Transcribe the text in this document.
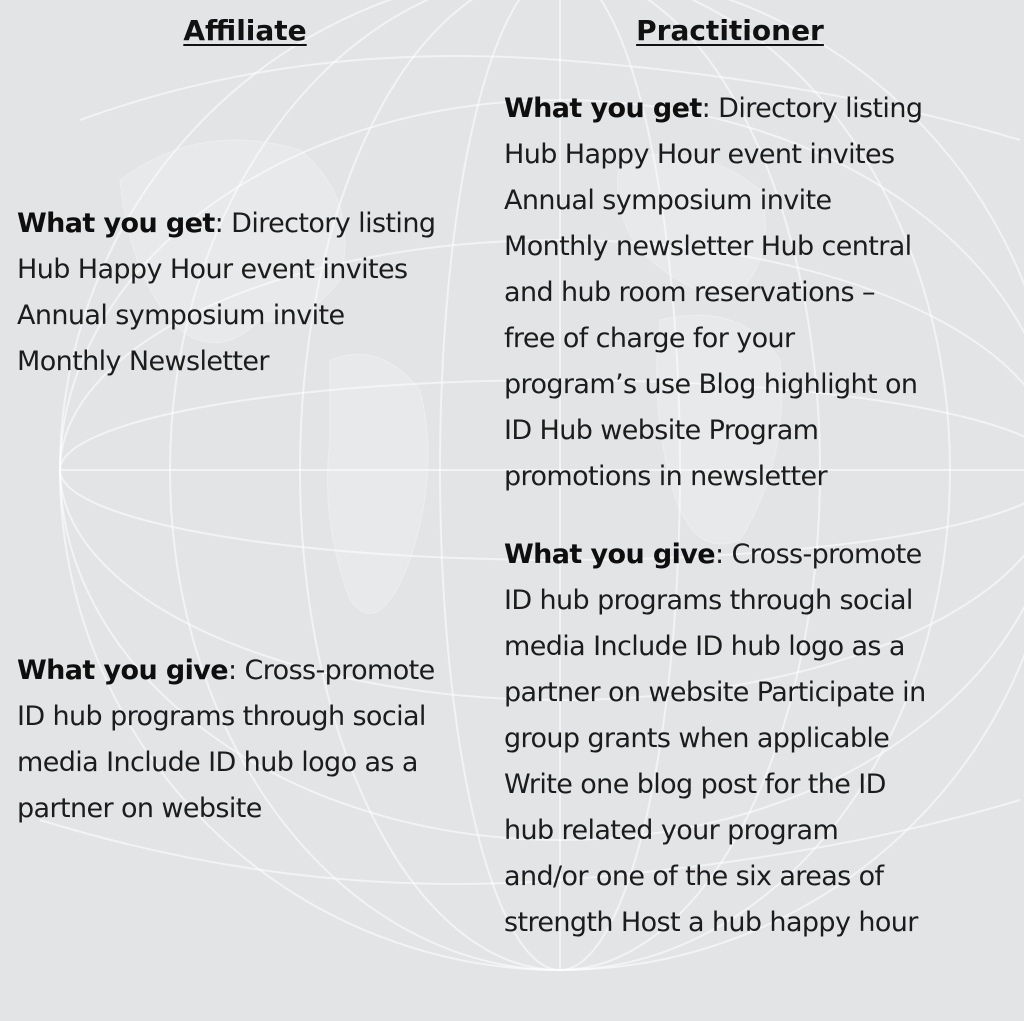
Affiliate	Practitioner
What you get: Directory listing
Hub Happy Hour event invites
Annual symposium invite
Monthly Newsletter
What you give: Cross-promote
ID hub programs through social
media Include ID hub logo as a
partner on website
What you get: Directory listing
Hub Happy Hour event invites
Annual symposium invite
Monthly newsletter Hub central
and hub room reservations –
free of charge for your
program’s use Blog highlight on
ID Hub website Program
promotions in newsletter
What you give: Cross-promote
ID hub programs through social
media Include ID hub logo as a
partner on website Participate in
group grants when applicable
Write one blog post for the ID
hub related your program
and/or one of the six areas of
strength Host a hub happy hour
